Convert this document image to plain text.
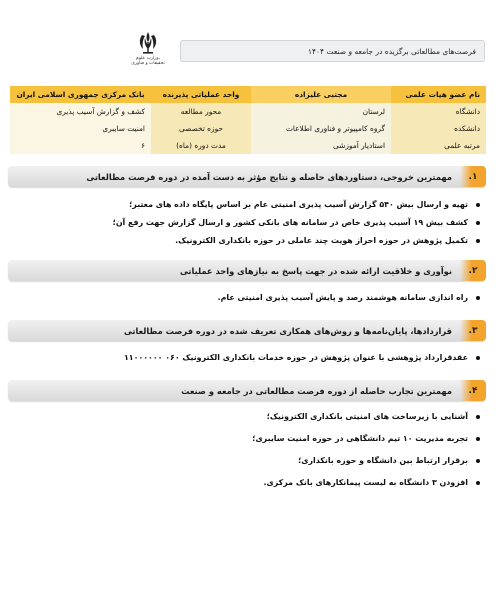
وزارت علوم،
تحقیقات و فناوری
فرصت‌های مطالعاتی برگزیده در جامعه و صنعت ۱۴۰۴
نام عضو هیات علمی
مجتبی علیزاده
واحد عملیاتی پذیرنده
بانک مرکزی جمهوری اسلامی ایران
دانشگاه
لرستان
محور مطالعه
کشف و گزارش آسیب پذیری
دانشکده
گروه کامپیوتر و فناوری اطلاعات
حوزه تخصصی
امنیت سایبری
مرتبه علمی
استادیار آموزشی
مدت دوره (ماه)
۶
۱.
مهمترین خروجی، دستاوردهای حاصله و نتایج مؤثر به دست آمده در دوره فرصت مطالعاتی
تهیه و ارسال بیش ۵۴۰ گزارش آسیب پذیری امنیتی عام بر اساس پایگاه داده های معتبر؛
کشف بیش ۱۹ آسیب پذیری خاص در سامانه های بانکی کشور و ارسال گزارش جهت رفع آن؛
تکمیل پژوهش در حوزه احراز هویت چند عاملی در حوزه بانکداری الکترونیک.
۲.
نوآوری و خلاقیت ارائه شده در جهت پاسخ به نیازهای واحد عملیاتی
راه اندازی سامانه هوشمند رصد و پایش آسیب پذیری امنیتی عام.
۳.
قراردادها، پایان‌نامه‌ها و روش‌های همکاری تعریف شده در دوره فرصت مطالعاتی
عقدقرارداد پژوهشی با عنوان پژوهش در حوزه خدمات بانکداری الکترونیک ۰۶۰ ۱۱۰۰۰۰۰۰
۴.
مهمترین تجارب حاصله از دوره فرصت مطالعاتی در جامعه و صنعت
آشنایی با زیرساخت های امنیتی بانکداری الکترونیک؛
تجربه مدیریت ۱۰ تیم دانشگاهی در حوزه امنیت سایبری؛
برقرار ارتباط بین دانشگاه و حوزه بانکداری؛
افزودن ۳ دانشگاه به لیست پیمانکارهای بانک مرکزی.
